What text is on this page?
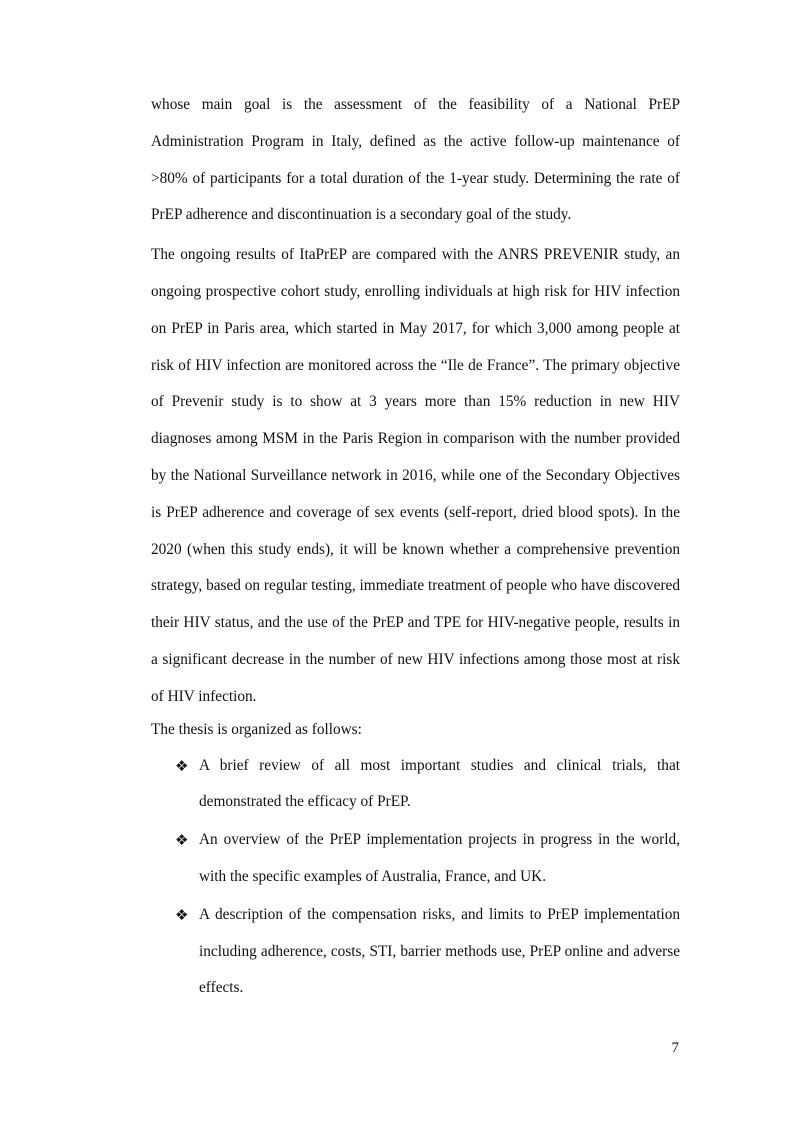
whose main goal is the assessment of the feasibility of a National PrEP Administration Program in Italy, defined as the active follow-up maintenance of >80% of participants for a total duration of the 1-year study. Determining the rate of PrEP adherence and discontinuation is a secondary goal of the study.

The ongoing results of ItaPrEP are compared with the ANRS PREVENIR study, an ongoing prospective cohort study, enrolling individuals at high risk for HIV infection on PrEP in Paris area, which started in May 2017, for which 3,000 among people at risk of HIV infection are monitored across the “Ile de France”. The primary objective of Prevenir study is to show at 3 years more than 15% reduction in new HIV diagnoses among MSM in the Paris Region in comparison with the number provided by the National Surveillance network in 2016, while one of the Secondary Objectives is PrEP adherence and coverage of sex events (self-report, dried blood spots). In the 2020 (when this study ends), it will be known whether a comprehensive prevention strategy, based on regular testing, immediate treatment of people who have discovered their HIV status, and the use of the PrEP and TPE for HIV-negative people, results in a significant decrease in the number of new HIV infections among those most at risk of HIV infection.

The thesis is organized as follows:

❖ A brief review of all most important studies and clinical trials, that demonstrated the efficacy of PrEP.
❖ An overview of the PrEP implementation projects in progress in the world, with the specific examples of Australia, France, and UK.
❖ A description of the compensation risks, and limits to PrEP implementation including adherence, costs, STI, barrier methods use, PrEP online and adverse effects.
7
